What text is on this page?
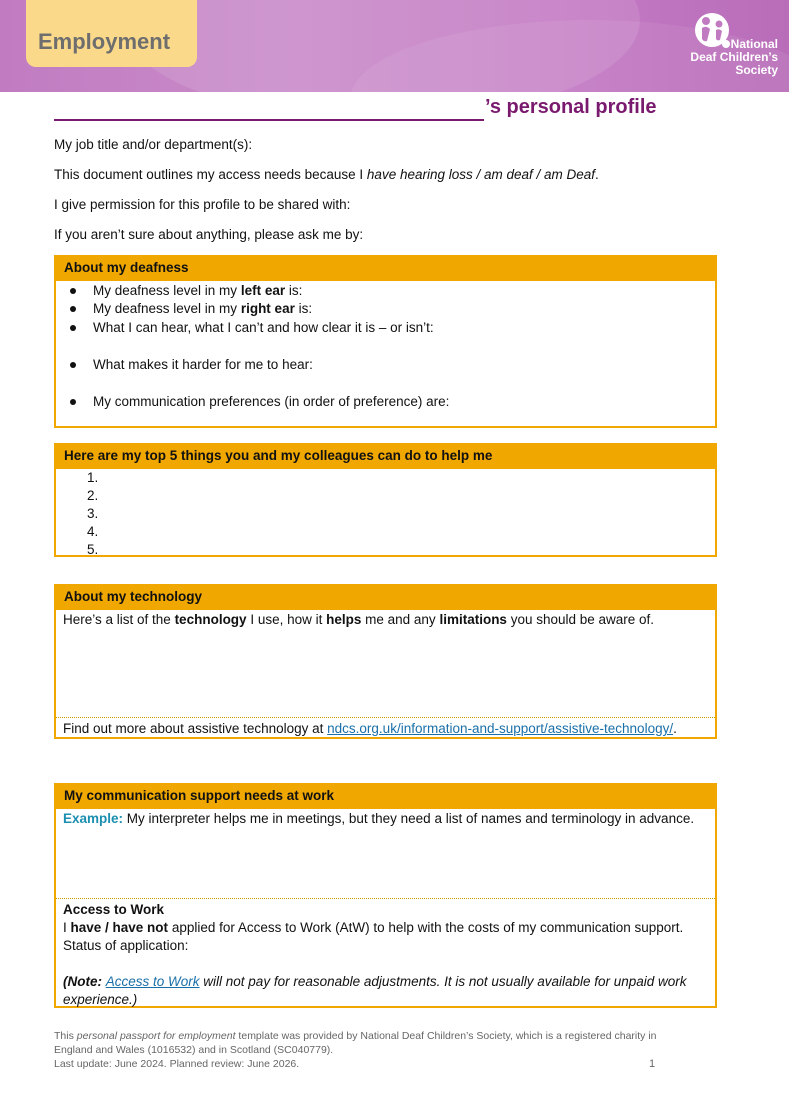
Employment	National
Deaf Children’s
Society
’s personal profile
My job title and/or department(s):
This document outlines my access needs because I have hearing loss / am deaf / am Deaf.
I give permission for this profile to be shared with:
If you aren’t sure about anything, please ask me by:
About my deafness
My deafness level in my left ear is:
My deafness level in my right ear is:
What I can hear, what I can’t and how clear it is – or isn’t:
What makes it harder for me to hear:
My communication preferences (in order of preference) are:
Here are my top 5 things you and my colleagues can do to help me
1.
2.
3.
4.
5.
About my technology
Here’s a list of the technology I use, how it helps me and any limitations you should be aware of.
Find out more about assistive technology at ndcs.org.uk/information-and-support/assistive-technology/.
My communication support needs at work
Example: My interpreter helps me in meetings, but they need a list of names and terminology in advance.
Access to Work
I have / have not applied for Access to Work (AtW) to help with the costs of my communication support.
Status of application:
(Note: Access to Work will not pay for reasonable adjustments. It is not usually available for unpaid work
experience.)
This personal passport for employment template was provided by National Deaf Children’s Society, which is a registered charity in
England and Wales (1016532) and in Scotland (SC040779).
Last update: June 2024. Planned review: June 2026.	1
